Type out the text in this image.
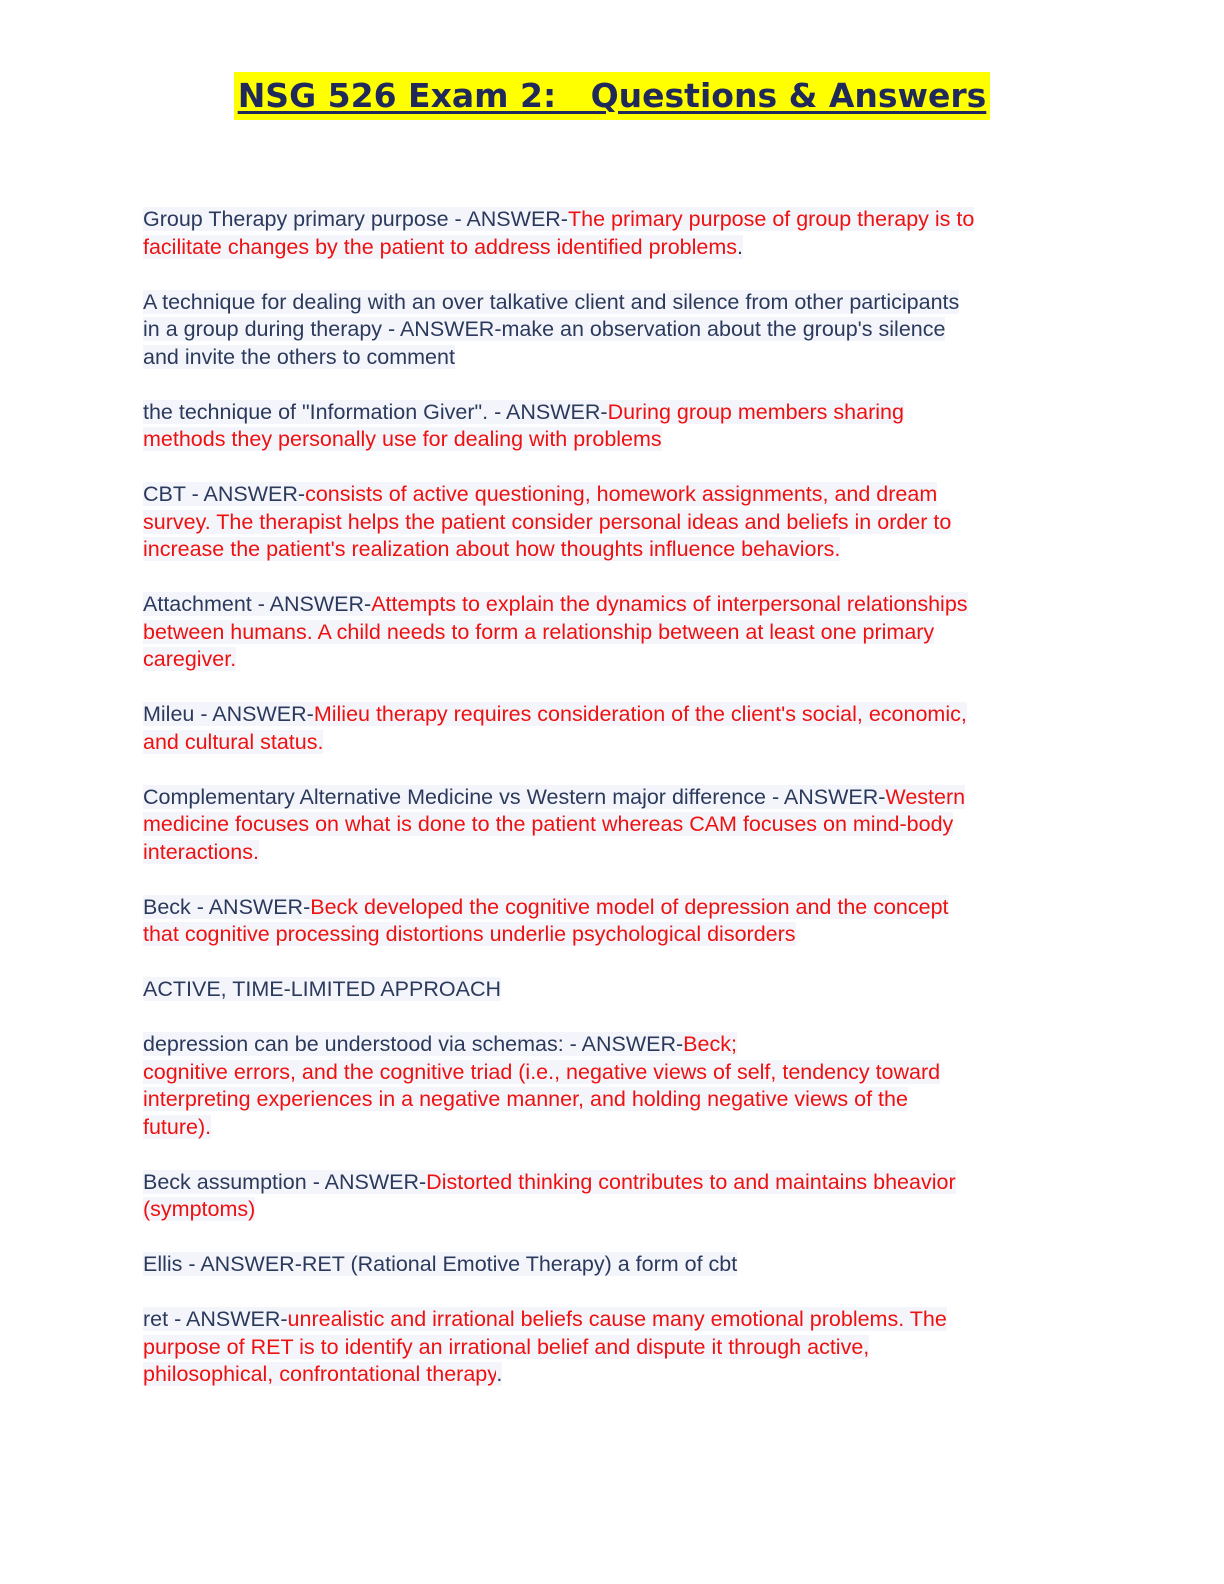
NSG 526 Exam 2:   Questions & Answers
Group Therapy primary purpose - ANSWER-The primary purpose of group therapy is to
facilitate changes by the patient to address identified problems.
A technique for dealing with an over talkative client and silence from other participants
in a group during therapy - ANSWER-make an observation about the group's silence
and invite the others to comment
the technique of "Information Giver". - ANSWER-During group members sharing
methods they personally use for dealing with problems
CBT - ANSWER-consists of active questioning, homework assignments, and dream
survey. The therapist helps the patient consider personal ideas and beliefs in order to
increase the patient's realization about how thoughts influence behaviors.
Attachment - ANSWER-Attempts to explain the dynamics of interpersonal relationships
between humans. A child needs to form a relationship between at least one primary
caregiver.
Mileu - ANSWER-Milieu therapy requires consideration of the client's social, economic,
and cultural status.
Complementary Alternative Medicine vs Western major difference - ANSWER-Western
medicine focuses on what is done to the patient whereas CAM focuses on mind-body
interactions.
Beck - ANSWER-Beck developed the cognitive model of depression and the concept
that cognitive processing distortions underlie psychological disorders
ACTIVE, TIME-LIMITED APPROACH
depression can be understood via schemas: - ANSWER-Beck;
cognitive errors, and the cognitive triad (i.e., negative views of self, tendency toward
interpreting experiences in a negative manner, and holding negative views of the
future).
Beck assumption - ANSWER-Distorted thinking contributes to and maintains bheavior
(symptoms)
Ellis - ANSWER-RET (Rational Emotive Therapy) a form of cbt
ret - ANSWER-unrealistic and irrational beliefs cause many emotional problems. The
purpose of RET is to identify an irrational belief and dispute it through active,
philosophical, confrontational therapy.
